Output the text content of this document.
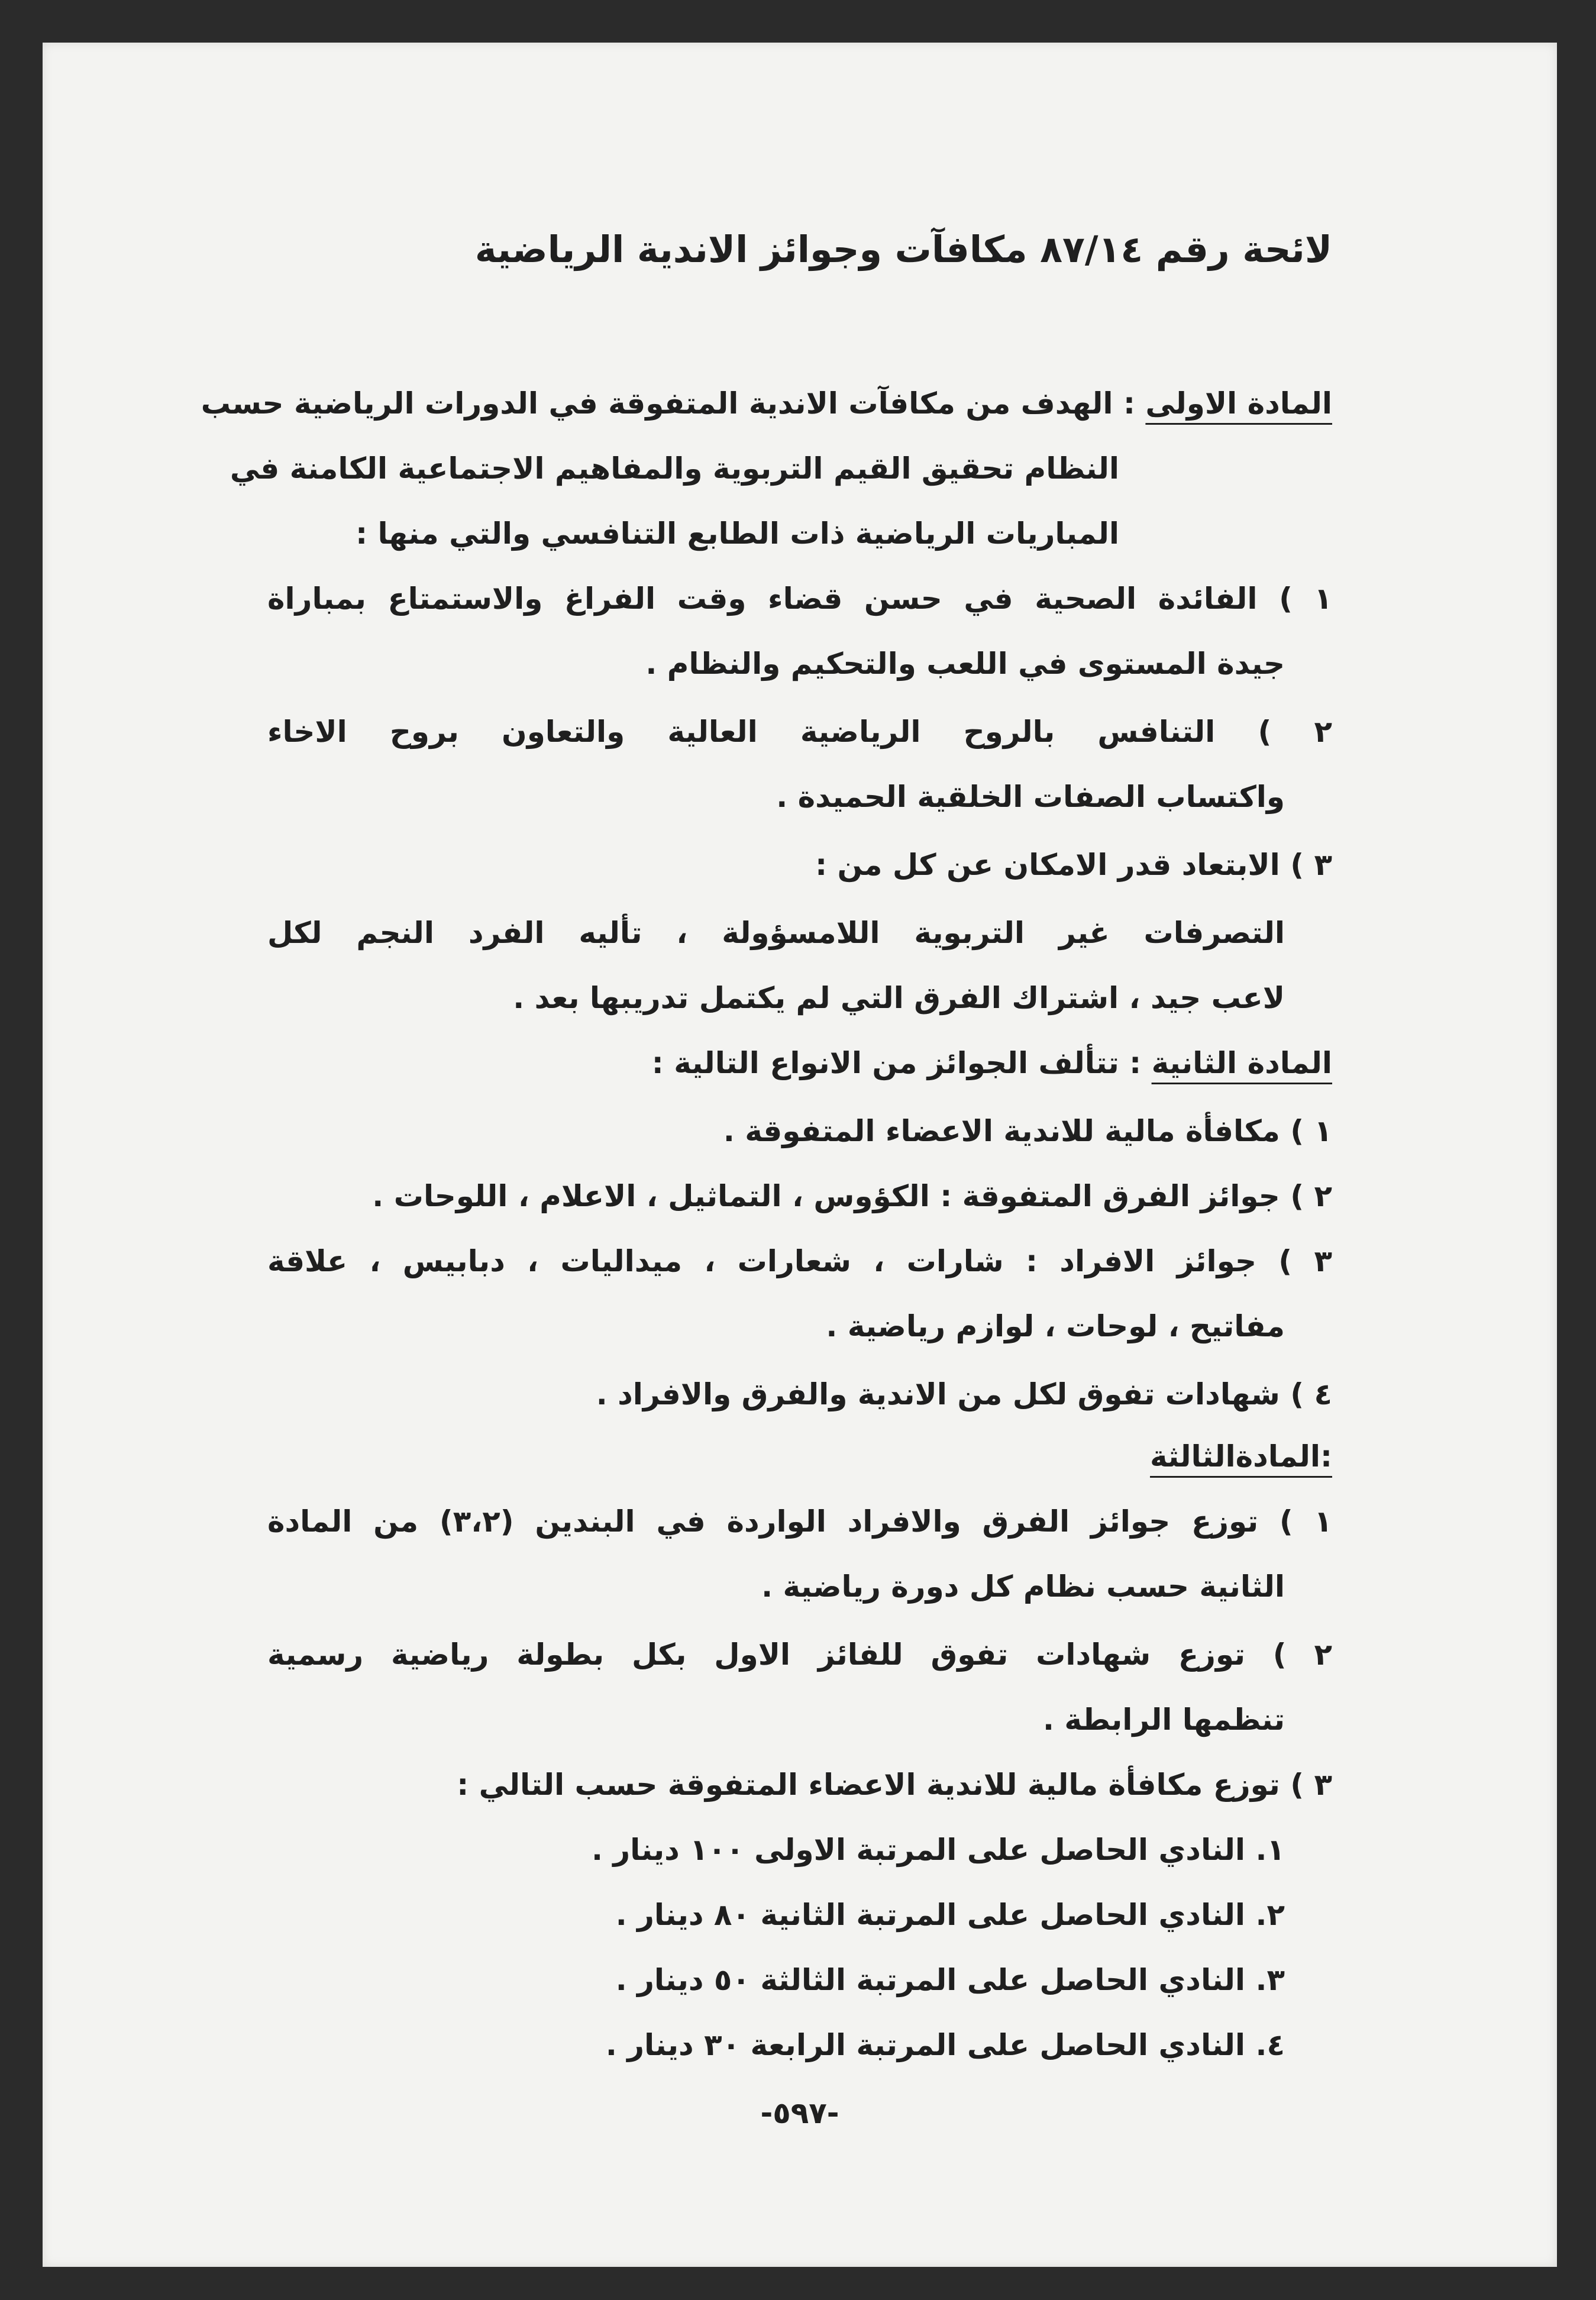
لائحة رقم ٨٧/١٤ مكافآت وجوائز الاندية الرياضية
المادة الاولى : الهدف من مكافآت الاندية المتفوقة في الدورات الرياضية حسب
النظام تحقيق القيم التربوية والمفاهيم الاجتماعية الكامنة في
المباريات الرياضية ذات الطابع التنافسي والتي منها :
١ ) الفائدة الصحية في حسن قضاء وقت الفراغ والاستمتاع بمباراة
جيدة المستوى في اللعب والتحكيم والنظام .
٢ ) التنافس بالروح الرياضية العالية والتعاون بروح الاخاء
واكتساب الصفات الخلقية الحميدة .
٣ ) الابتعاد قدر الامكان عن كل من :
التصرفات غير التربوية اللامسؤولة ، تأليه الفرد النجم لكل
لاعب جيد ، اشتراك الفرق التي لم يكتمل تدريبها بعد .
المادة الثانية : تتألف الجوائز من الانواع التالية :
١ ) مكافأة مالية للاندية الاعضاء المتفوقة .
٢ ) جوائز الفرق المتفوقة : الكؤوس ، التماثيل ، الاعلام ، اللوحات .
٣ ) جوائز الافراد : شارات ، شعارات ، ميداليات ، دبابيس ، علاقة
مفاتيح ، لوحات ، لوازم رياضية .
٤ ) شهادات تفوق لكل من الاندية والفرق والافراد .
:المادةالثالثة
١ ) توزع جوائز الفرق والافراد الواردة في البندين (٣،٢) من المادة
الثانية حسب نظام كل دورة رياضية .
٢ ) توزع شهادات تفوق للفائز الاول بكل بطولة رياضية رسمية
تنظمها الرابطة .
٣ ) توزع مكافأة مالية للاندية الاعضاء المتفوقة حسب التالي :
١. النادي الحاصل على المرتبة الاولى ١٠٠ دينار .
٢. النادي الحاصل على المرتبة الثانية ٨٠ دينار .
٣. النادي الحاصل على المرتبة الثالثة ٥٠ دينار .
٤. النادي الحاصل على المرتبة الرابعة ٣٠ دينار .
-٥٩٧-
